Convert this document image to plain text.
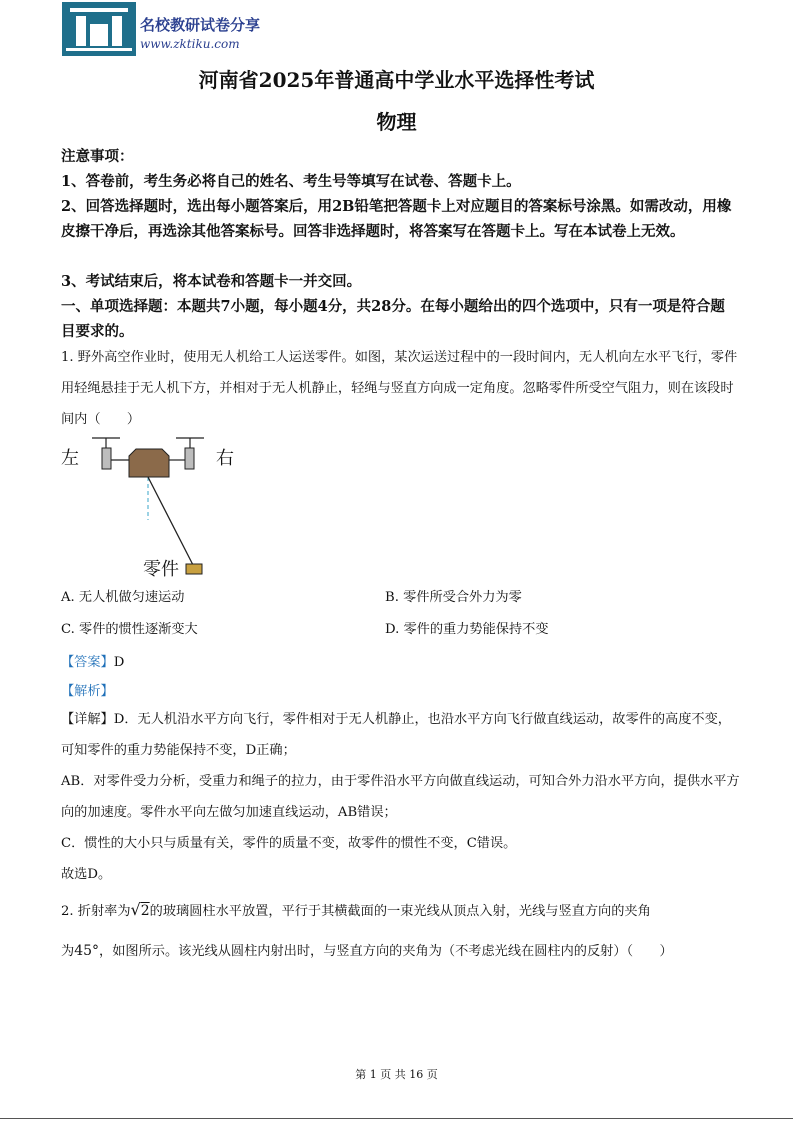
名校教研试卷分享
www.zktiku.com
河南省2025年普通高中学业水平选择性考试
物理
注意事项：
1、答卷前，考生务必将自己的姓名、考生号等填写在试卷、答题卡上。
2、回答选择题时，选出每小题答案后，用2B铅笔把答题卡上对应题目的答案标号涂黑。如需改动，用橡皮擦干净后，再选涂其他答案标号。回答非选择题时，将答案写在答题卡上。写在本试卷上无效。
3、考试结束后，将本试卷和答题卡一并交回。
一、单项选择题：本题共7小题，每小题4分，共28分。在每小题给出的四个选项中，只有一项是符合题目要求的。
1. 野外高空作业时，使用无人机给工人运送零件。如图，某次运送过程中的一段时间内，无人机向左水平飞行，零件用轻绳悬挂于无人机下方，并相对于无人机静止，轻绳与竖直方向成一定角度。忽略零件所受空气阻力，则在该段时间内（　　）
左	右
零件
A. 无人机做匀速运动	B. 零件所受合外力为零
C. 零件的惯性逐渐变大	D. 零件的重力势能保持不变
【答案】D
【解析】
【详解】D．无人机沿水平方向飞行，零件相对于无人机静止，也沿水平方向飞行做直线运动，故零件的高度不变，可知零件的重力势能保持不变，D正确；
AB．对零件受力分析，受重力和绳子的拉力，由于零件沿水平方向做直线运动，可知合外力沿水平方向，提供水平方向的加速度。零件水平向左做匀加速直线运动，AB错误；
C．惯性的大小只与质量有关，零件的质量不变，故零件的惯性不变，C错误。
故选D。
2. 折射率为√2的玻璃圆柱水平放置，平行于其横截面的一束光线从顶点入射，光线与竖直方向的夹角
为45°，如图所示。该光线从圆柱内射出时，与竖直方向的夹角为（不考虑光线在圆柱内的反射）（　　）
第 1 页 共 16 页
